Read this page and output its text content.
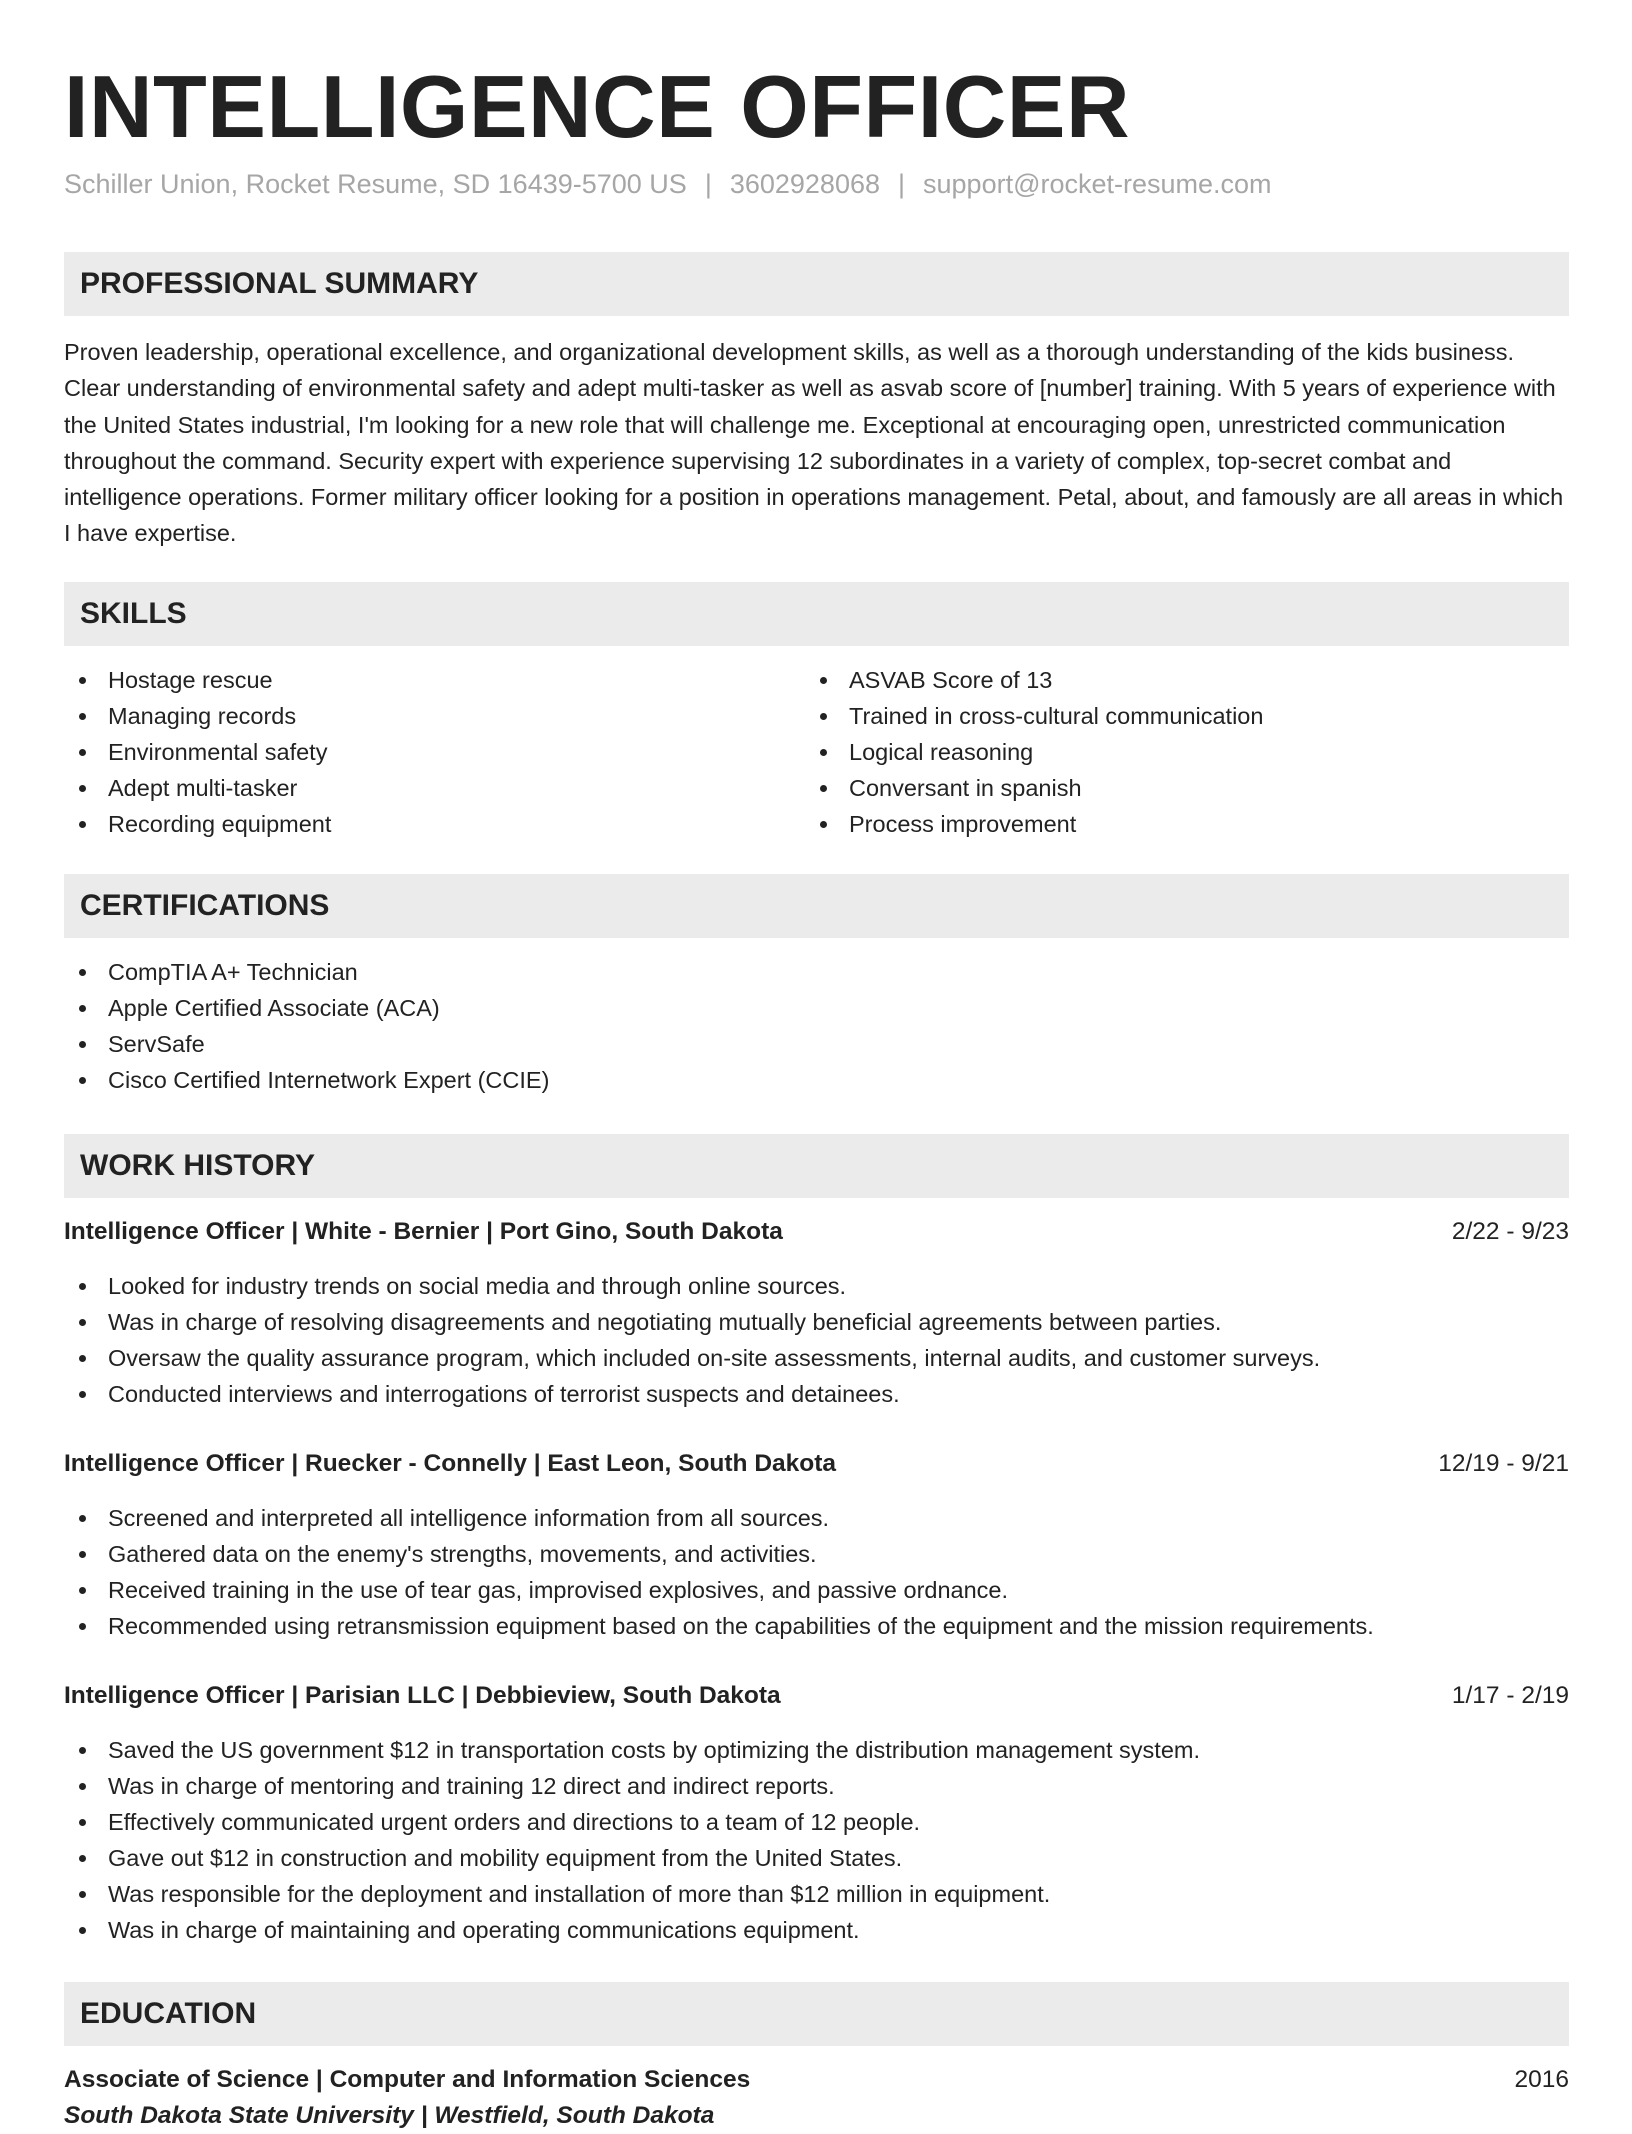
INTELLIGENCE OFFICER
Schiller Union, Rocket Resume, SD 16439-5700 US | 3602928068 | support@rocket-resume.com
PROFESSIONAL SUMMARY

Proven leadership, operational excellence, and organizational development skills, as well as a thorough understanding of the kids business. Clear understanding of environmental safety and adept multi-tasker as well as asvab score of [number] training. With 5 years of experience with the United States industrial, I'm looking for a new role that will challenge me. Exceptional at encouraging open, unrestricted communication throughout the command. Security expert with experience supervising 12 subordinates in a variety of complex, top-secret combat and intelligence operations. Former military officer looking for a position in operations management. Petal, about, and famously are all areas in which I have expertise.

SKILLS
Hostage rescue
Managing records
Environmental safety
Adept multi-tasker
Recording equipment
ASVAB Score of 13
Trained in cross-cultural communication
Logical reasoning
Conversant in spanish
Process improvement
CERTIFICATIONS
CompTIA A+ Technician
Apple Certified Associate (ACA)
ServSafe
Cisco Certified Internetwork Expert (CCIE)
WORK HISTORY
Intelligence Officer | White - Bernier | Port Gino, South Dakota	2/22 - 9/23
Looked for industry trends on social media and through online sources.
Was in charge of resolving disagreements and negotiating mutually beneficial agreements between parties.
Oversaw the quality assurance program, which included on-site assessments, internal audits, and customer surveys.
Conducted interviews and interrogations of terrorist suspects and detainees.
Intelligence Officer | Ruecker - Connelly | East Leon, South Dakota	12/19 - 9/21
Screened and interpreted all intelligence information from all sources.
Gathered data on the enemy's strengths, movements, and activities.
Received training in the use of tear gas, improvised explosives, and passive ordnance.
Recommended using retransmission equipment based on the capabilities of the equipment and the mission requirements.
Intelligence Officer | Parisian LLC | Debbieview, South Dakota	1/17 - 2/19
Saved the US government $12 in transportation costs by optimizing the distribution management system.
Was in charge of mentoring and training 12 direct and indirect reports.
Effectively communicated urgent orders and directions to a team of 12 people.
Gave out $12 in construction and mobility equipment from the United States.
Was responsible for the deployment and installation of more than $12 million in equipment.
Was in charge of maintaining and operating communications equipment.
EDUCATION
Associate of Science | Computer and Information Sciences	2016
South Dakota State University | Westfield, South Dakota
